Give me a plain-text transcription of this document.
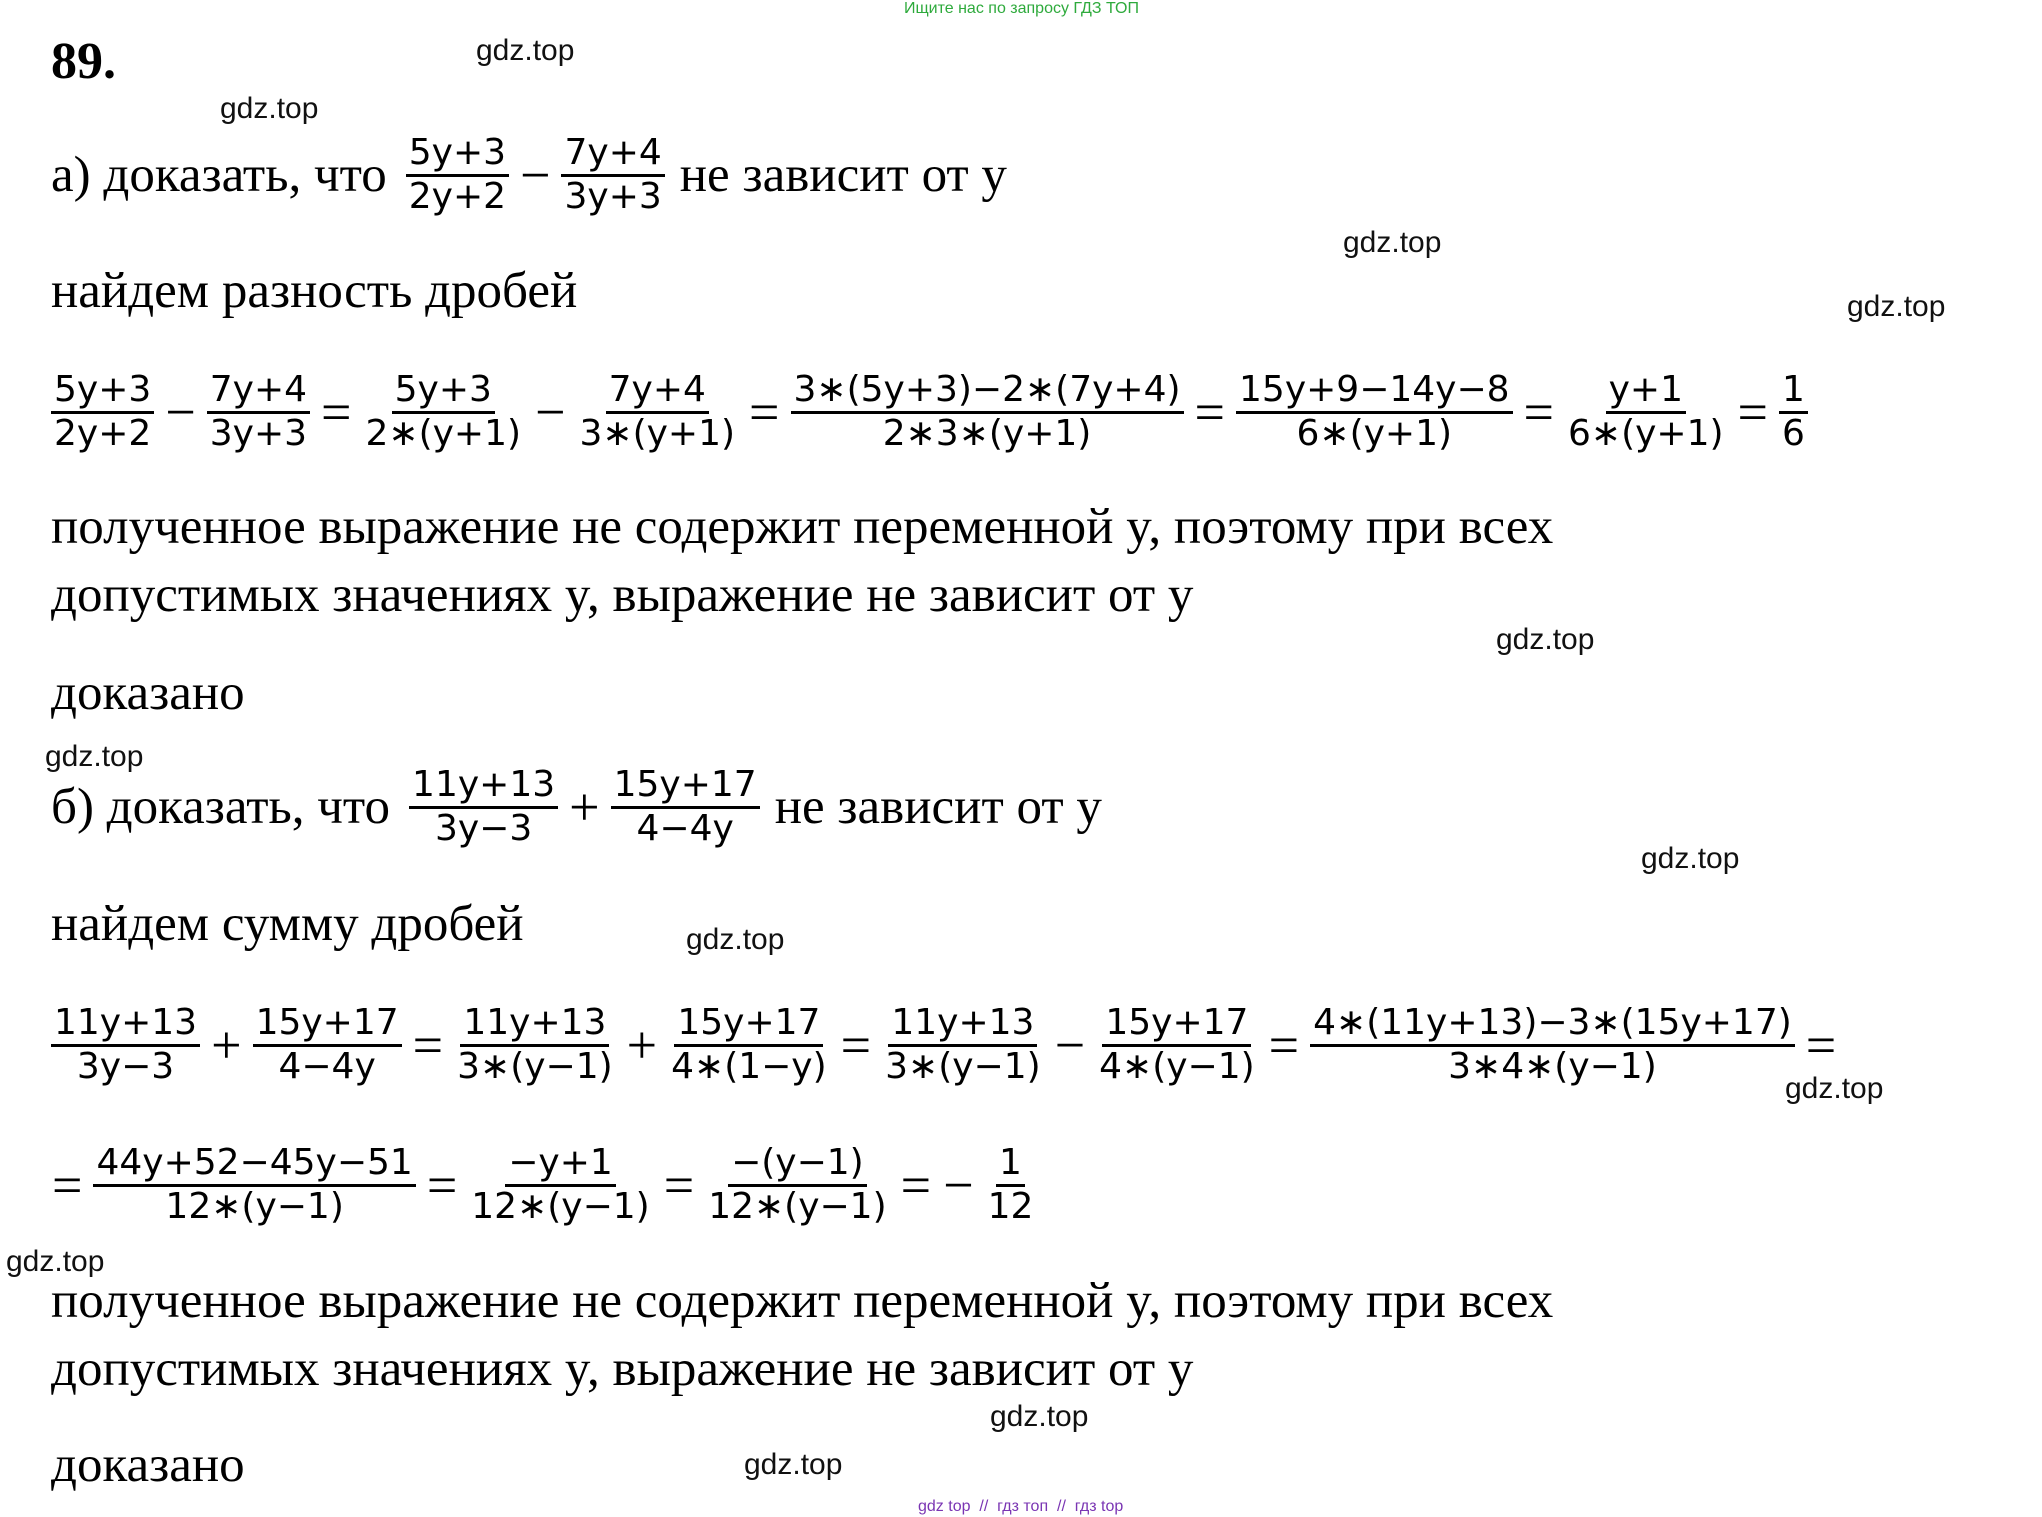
Ищите нас по запросу ГДЗ ТОП
89.	gdz.top
gdz.top
gdz.top
gdz.top
gdz.top
gdz.top
gdz.top
gdz.top
gdz.top
gdz.top
gdz.top
gdz.top
а) доказать, что $\frac{5y+3}{2y+2} - \frac{7y+4}{3y+3}$ не зависит от y
найдем разность дробей
$\frac{5y+3}{2y+2} - \frac{7y+4}{3y+3} = \frac{5y+3}{2∗(y+1)} - \frac{7y+4}{3∗(y+1)} = \frac{3∗(5y+3)-2∗(7y+4)}{2∗3∗(y+1)} = \frac{15y+9-14y-8}{6∗(y+1)} = \frac{y+1}{6∗(y+1)} = \frac{1}{6}$
полученное выражение не содержит переменной y, поэтому при всех
допустимых значениях y, выражение не зависит от y
доказано
б) доказать, что $\frac{11y+13}{3y-3} + \frac{15y+17}{4-4y}$ не зависит от y
найдем сумму дробей
$\frac{11y+13}{3y-3} + \frac{15y+17}{4-4y} = \frac{11y+13}{3∗(y-1)} + \frac{15y+17}{4∗(1-y)} = \frac{11y+13}{3∗(y-1)} - \frac{15y+17}{4∗(y-1)} = \frac{4∗(11y+13)-3∗(15y+17)}{3∗4∗(y-1)}$ =
= $\frac{44y+52-45y-51}{12∗(y-1)} = \frac{-y+1}{12∗(y-1)} = \frac{-(y-1)}{12∗(y-1)}$ = − $\frac{1}{12}$
полученное выражение не содержит переменной y, поэтому при всех
допустимых значениях y, выражение не зависит от y
доказано
gdz top  //  гдз топ  //  гдз top
